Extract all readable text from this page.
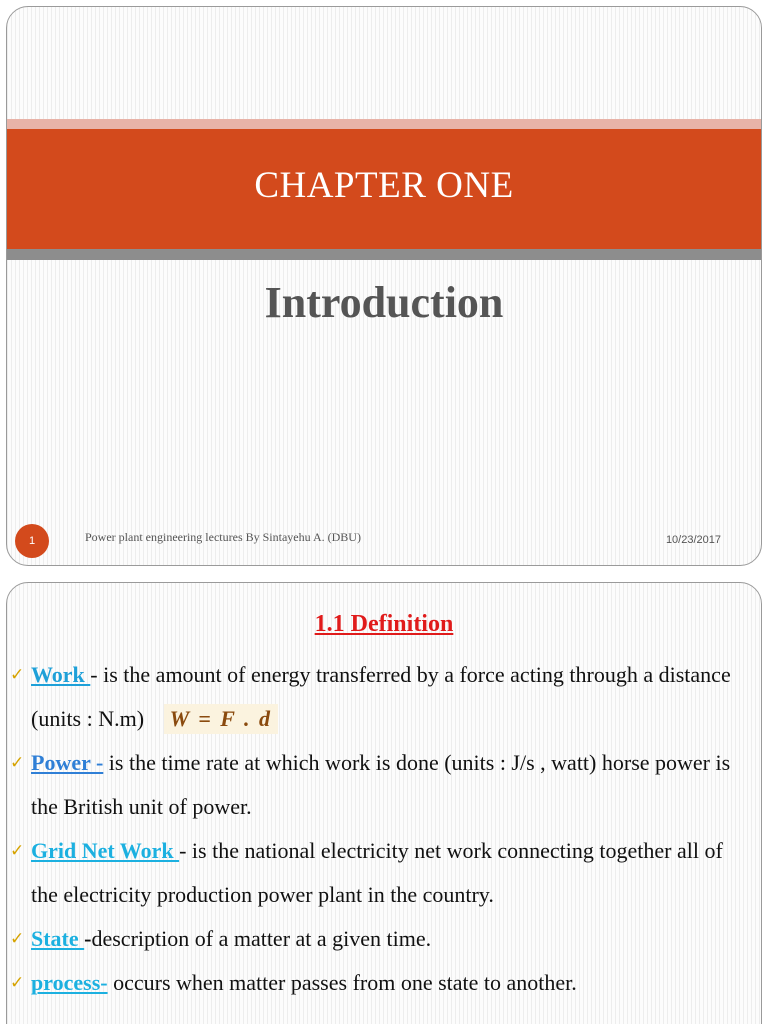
CHAPTER ONE
Introduction
1	Power plant engineering lectures By Sintayehu A. (DBU)	10/23/2017
1.1 Definition
✓ Work - is the amount of energy transferred by a force acting through a distance (units : N.m) W = F . d
✓ Power - is the time rate at which work is done (units : J/s , watt) horse power is the British unit of power.
✓ Grid Net Work - is the national electricity net work connecting together all of the electricity production power plant in the country.
✓ State -description of a matter at a given time.
✓ process- occurs when matter passes from one state to another.
